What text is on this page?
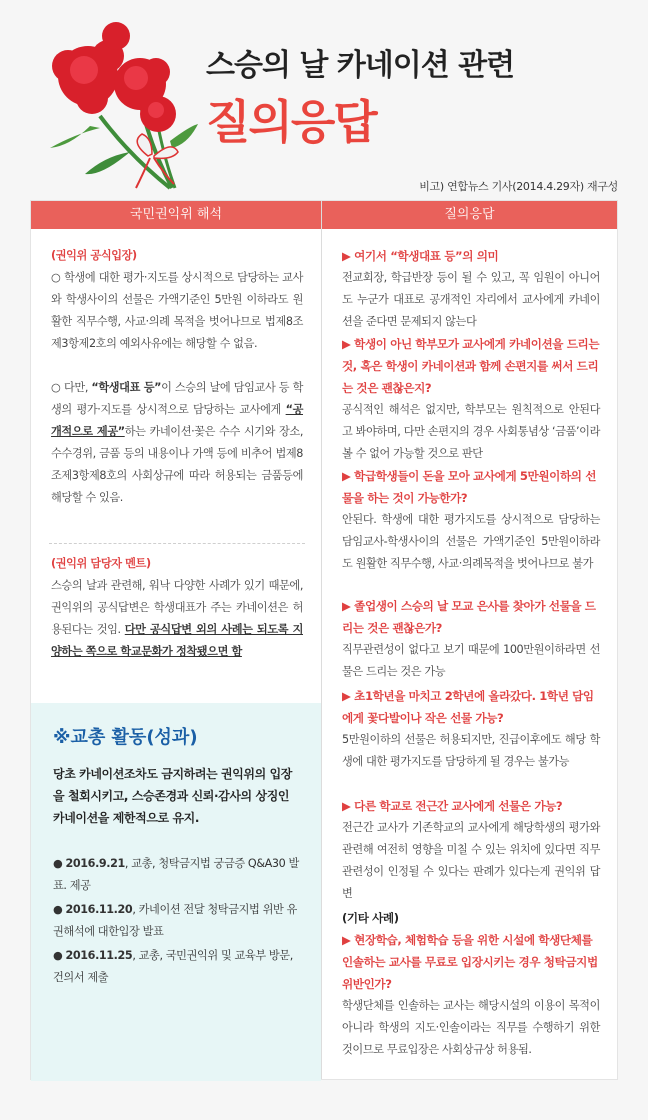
스승의 날 카네이션 관련
질의응답
비고) 연합뉴스 기사(2014.4.29자) 재구성
국민권익위 해석	질의응답
(권익위 공식입장)
○ 학생에 대한 평가·지도를 상시적으로 담당하는 교사와 학생사이의 선물은 가액기준인 5만원 이하라도 원활한 직무수행, 사교·의례 목적을 벗어나므로 법제8조제3항제2호의 예외사유에는 해당할 수 없음.
○ 다만, “학생대표 등”이 스승의 날에 담임교사 등 학생의 평가·지도를 상시적으로 담당하는 교사에게 “공개적으로 제공”하는 카네이션·꽃은 수수 시기와 장소, 수수경위, 금품 등의 내용이나 가액 등에 비추어 법제8조제3항제8호의 사회상규에 따라 허용되는 금품등에 해당할 수 있음.
(권익위 담당자 멘트)
스승의 날과 관련해, 워낙 다양한 사례가 있기 때문에, 권익위의 공식답변은 학생대표가 주는 카네이션은 허용된다는 것임. 다만 공식답변 외의 사례는 되도록 지양하는 쪽으로 학교문화가 정착됐으면 함
※교총 활동(성과)
당초 카네이션조차도 금지하려는 권익위의 입장을 철회시키고, 스승존경과 신뢰·감사의 상징인 카네이션을 제한적으로 유지.
● 2016.9.21, 교총, 청탁금지법 궁금증 Q&A30 발표. 제공
● 2016.11.20, 카네이션 전달 청탁금지법 위반 유권해석에 대한입장 발표
● 2016.11.25, 교총, 국민권익위 및 교육부 방문, 건의서 제출
▶ 여기서 “학생대표 등”의 의미
전교회장, 학급반장 등이 될 수 있고, 꼭 임원이 아니어도 누군가 대표로 공개적인 자리에서 교사에게 카네이션을 준다면 문제되지 않는다
▶ 학생이 아닌 학부모가 교사에게 카네이션을 드리는 것, 혹은 학생이 카네이션과 함께 손편지를 써서 드리는 것은 괜찮은지?
공식적인 해석은 없지만, 학부모는 원칙적으로 안된다고 봐야하며, 다만 손편지의 경우 사회통념상 ‘금품’이라 볼 수 없어 가능할 것으로 판단
▶ 학급학생들이 돈을 모아 교사에게 5만원이하의 선물을 하는 것이 가능한가?
안된다. 학생에 대한 평가지도를 상시적으로 담당하는 담임교사-학생사이의 선물은 가액기준인 5만원이하라도 원활한 직무수행, 사교·의례목적을 벗어나므로 불가
▶ 졸업생이 스승의 날 모교 은사를 찾아가 선물을 드리는 것은 괜찮은가?
직무관련성이 없다고 보기 때문에 100만원이하라면 선물은 드리는 것은 가능
▶ 초1학년을 마치고 2학년에 올라갔다. 1학년 담임에게 꽃다발이나 작은 선물 가능?
5만원이하의 선물은 허용되지만, 진급이후에도 해당 학생에 대한 평가지도를 담당하게 될 경우는 불가능
▶ 다른 학교로 전근간 교사에게 선물은 가능?
전근간 교사가 기존학교의 교사에게 해당학생의 평가와 관련해 여전히 영향을 미칠 수 있는 위치에 있다면 직무관련성이 인정될 수 있다는 판례가 있다는게 권익위 답변
(기타 사례)
▶ 현장학습, 체험학습 등을 위한 시설에 학생단체를 인솔하는 교사를 무료로 입장시키는 경우 청탁금지법 위반인가?
학생단체를 인솔하는 교사는 해당시설의 이용이 목적이 아니라 학생의 지도·인솔이라는 직무를 수행하기 위한 것이므로 무료입장은 사회상규상 허용됨.
